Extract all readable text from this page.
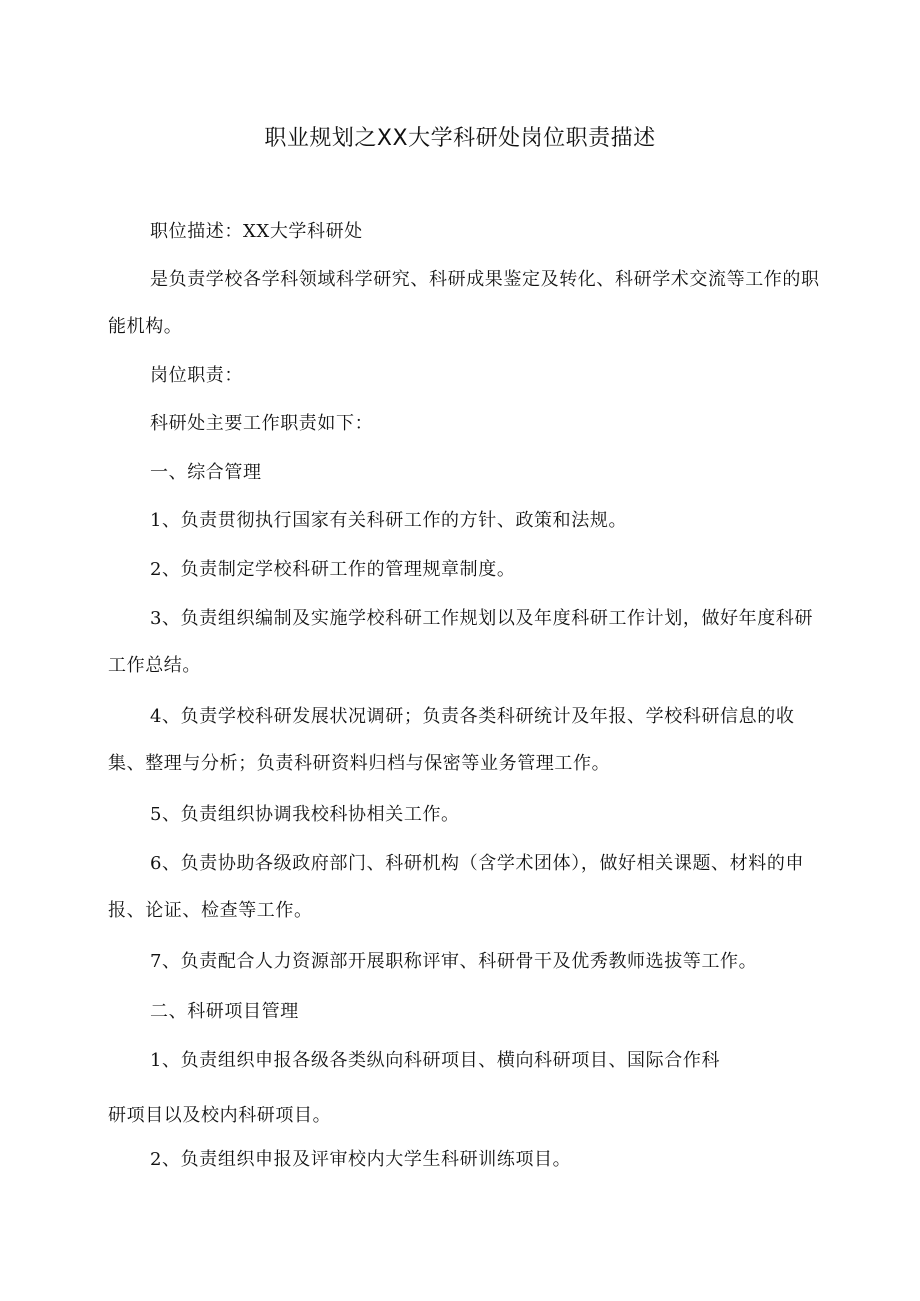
职业规划之XX大学科研处岗位职责描述
职位描述：XX大学科研处
是负责学校各学科领域科学研究、科研成果鉴定及转化、科研学术交流等工作的职能机构。
岗位职责：
科研处主要工作职责如下：
一、综合管理
1、负责贯彻执行国家有关科研工作的方针、政策和法规。
2、负责制定学校科研工作的管理规章制度。
3、负责组织编制及实施学校科研工作规划以及年度科研工作计划，做好年度科研工作总结。
4、负责学校科研发展状况调研；负责各类科研统计及年报、学校科研信息的收集、整理与分析；负责科研资料归档与保密等业务管理工作。
5、负责组织协调我校科协相关工作。
6、负责协助各级政府部门、科研机构（含学术团体），做好相关课题、材料的申报、论证、检查等工作。
7、负责配合人力资源部开展职称评审、科研骨干及优秀教师选拔等工作。
二、科研项目管理
1、负责组织申报各级各类纵向科研项目、横向科研项目、国际合作科
研项目以及校内科研项目。
2、负责组织申报及评审校内大学生科研训练项目。
